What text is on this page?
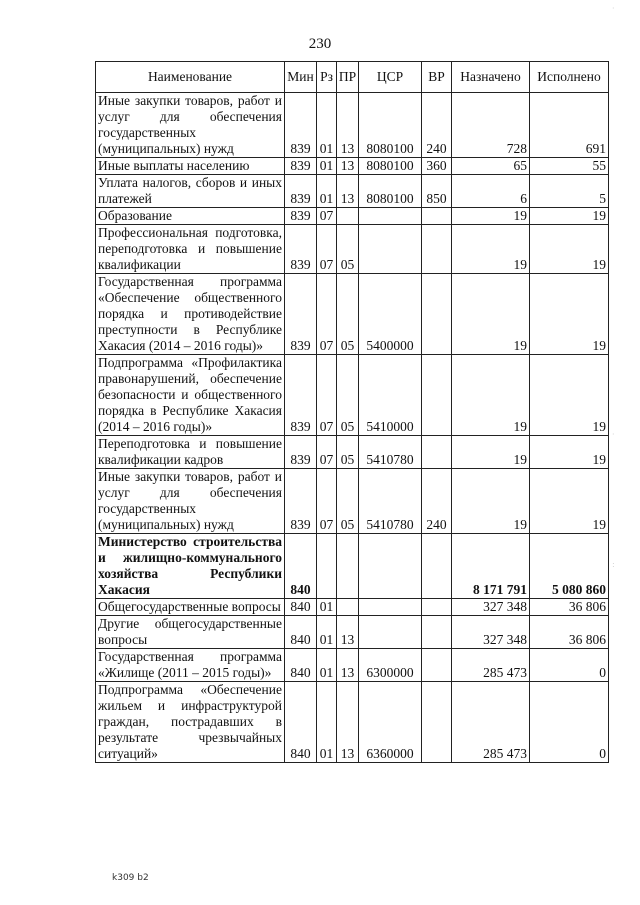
230
Наименование	Мин	Рз	ПР	ЦСР	ВР	Назначено	Исполнено
Иные закупки товаров, работ и услуг для обеспечения государственных (муниципальных) нужд	839	01	13	8080100	240	728	691
Иные выплаты населению	839	01	13	8080100	360	65	55
Уплата налогов, сборов и иных платежей	839	01	13	8080100	850	6	5
Образование	839	07				19	19
Профессиональная подготовка, переподготовка и повышение квалификации	839	07	05			19	19
Государственная программа «Обеспечение общественного порядка и противодействие преступности в Республике Хакасия (2014 – 2016 годы)»	839	07	05	5400000		19	19
Подпрограмма «Профилактика правонарушений, обеспечение безопасности и общественного порядка в Республике Хакасия (2014 – 2016 годы)»	839	07	05	5410000		19	19
Переподготовка и повышение квалификации кадров	839	07	05	5410780		19	19
Иные закупки товаров, работ и услуг для обеспечения государственных (муниципальных) нужд	839	07	05	5410780	240	19	19
Министерство строительства и жилищно-коммунального хозяйства Республики Хакасия	840					8 171 791	5 080 860
Общегосударственные вопросы	840	01				327 348	36 806
Другие общегосударственные вопросы	840	01	13			327 348	36 806
Государственная программа «Жилище (2011 – 2015 годы)»	840	01	13	6300000		285 473	0
Подпрограмма «Обеспечение жильем и инфраструктурой граждан, пострадавших в результате чрезвычайных ситуаций»	840	01	13	6360000		285 473	0
·
·
:
k309 b2
